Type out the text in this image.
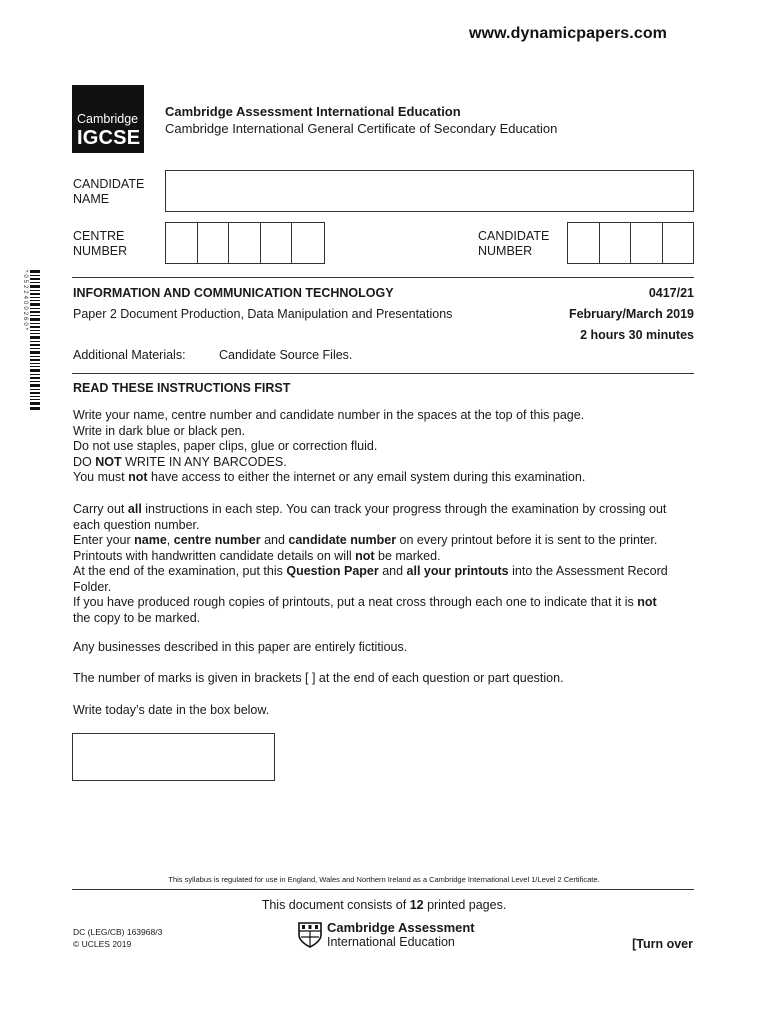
www.dynamicpapers.com
Cambridge
IGCSE
Cambridge Assessment International Education
Cambridge International General Certificate of Secondary Education
CANDIDATE
NAME
CENTRE
NUMBER
CANDIDATE
NUMBER
*0522400260*	INFORMATION AND COMMUNICATION TECHNOLOGY	0417/21
Paper 2 Document Production, Data Manipulation and Presentations	February/March 2019
2 hours 30 minutes
Additional Materials:	Candidate Source Files.
READ THESE INSTRUCTIONS FIRST
Write your name, centre number and candidate number in the spaces at the top of this page.
Write in dark blue or black pen.
Do not use staples, paper clips, glue or correction fluid.
DO NOT WRITE IN ANY BARCODES.
You must not have access to either the internet or any email system during this examination.
Carry out all instructions in each step. You can track your progress through the examination by crossing out
each question number.
Enter your name, centre number and candidate number on every printout before it is sent to the printer.
Printouts with handwritten candidate details on will not be marked.
At the end of the examination, put this Question Paper and all your printouts into the Assessment Record
Folder.
If you have produced rough copies of printouts, put a neat cross through each one to indicate that it is not
the copy to be marked.
Any businesses described in this paper are entirely fictitious.
The number of marks is given in brackets [ ] at the end of each question or part question.
Write today’s date in the box below.
This syllabus is regulated for use in England, Wales and Northern Ireland as a Cambridge International Level 1/Level 2 Certificate.
This document consists of 12 printed pages.
DC (LEG/CB) 163968/3
© UCLES 2019
Cambridge Assessment
International Education	[Turn over
